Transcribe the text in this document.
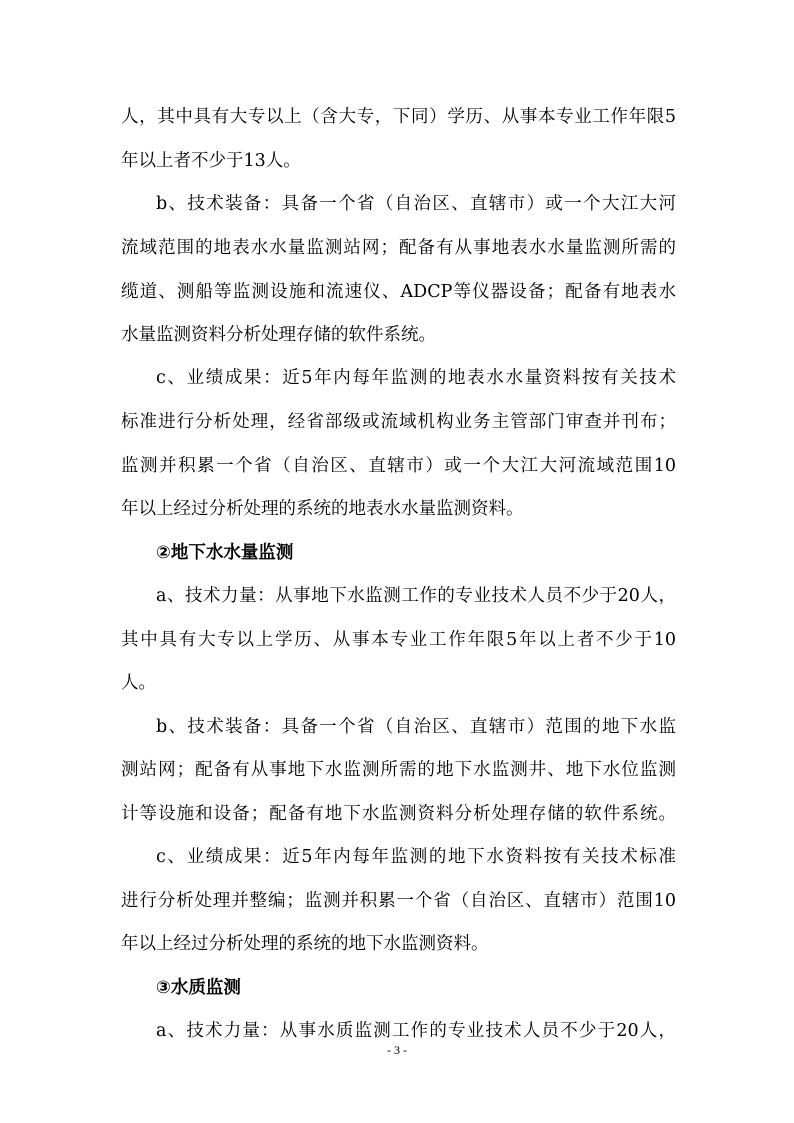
人，其中具有大专以上（含大专，下同）学历、从事本专业工作年限5
年以上者不少于13人。
b、技术装备：具备一个省（自治区、直辖市）或一个大江大河
流域范围的地表水水量监测站网；配备有从事地表水水量监测所需的
缆道、测船等监测设施和流速仪、ADCP等仪器设备；配备有地表水
水量监测资料分析处理存储的软件系统。
c、业绩成果：近5年内每年监测的地表水水量资料按有关技术
标准进行分析处理，经省部级或流域机构业务主管部门审查并刊布；
监测并积累一个省（自治区、直辖市）或一个大江大河流域范围10
年以上经过分析处理的系统的地表水水量监测资料。
②地下水水量监测
a、技术力量：从事地下水监测工作的专业技术人员不少于20人，
其中具有大专以上学历、从事本专业工作年限5年以上者不少于10
人。
b、技术装备：具备一个省（自治区、直辖市）范围的地下水监
测站网；配备有从事地下水监测所需的地下水监测井、地下水位监测
计等设施和设备；配备有地下水监测资料分析处理存储的软件系统。
c、业绩成果：近5年内每年监测的地下水资料按有关技术标准
进行分析处理并整编；监测并积累一个省（自治区、直辖市）范围10
年以上经过分析处理的系统的地下水监测资料。
③水质监测
a、技术力量：从事水质监测工作的专业技术人员不少于20人，
- 3 -
